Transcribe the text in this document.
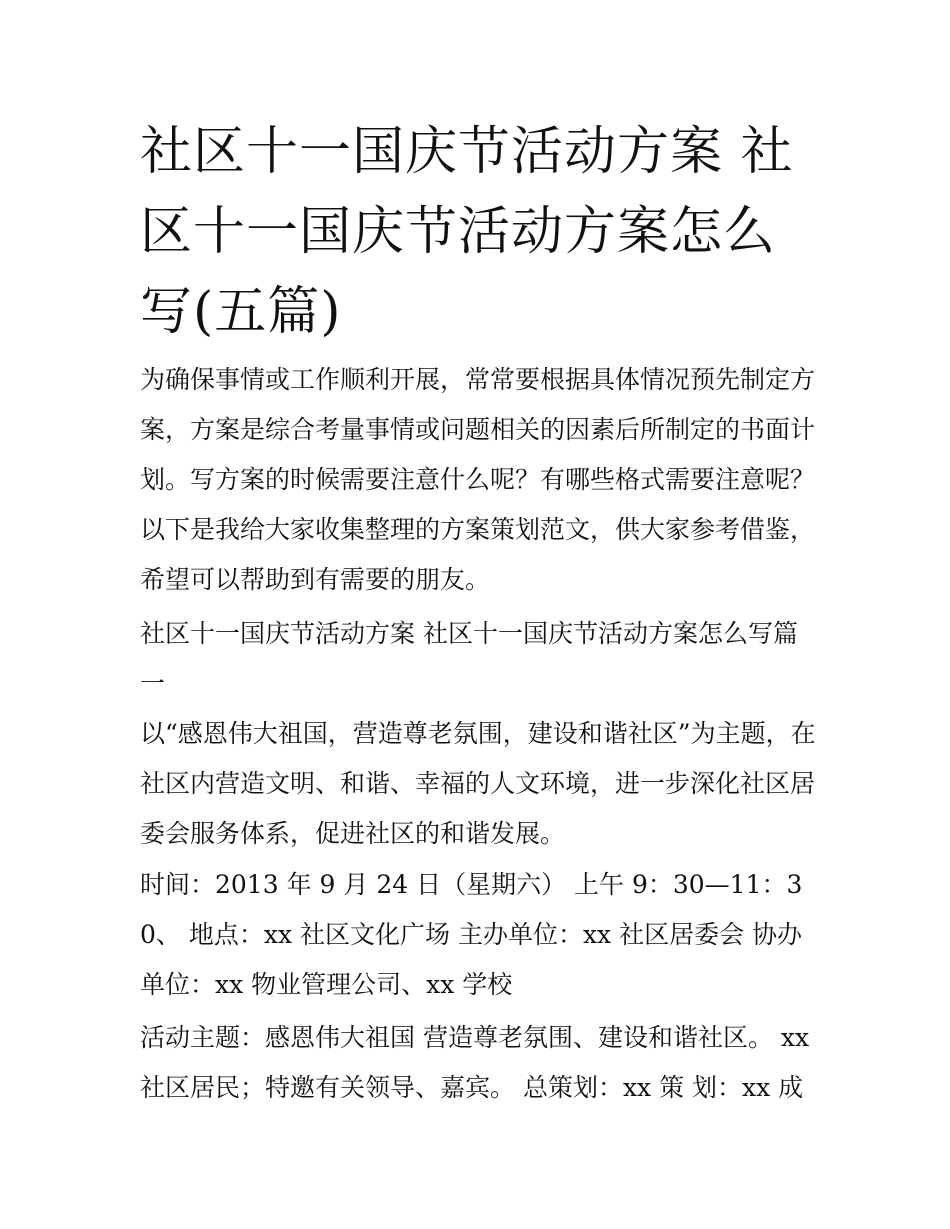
社区十一国庆节活动方案 社区十一国庆节活动方案怎么写(五篇)

为确保事情或工作顺利开展，常常要根据具体情况预先制定方案，方案是综合考量事情或问题相关的因素后所制定的书面计划。写方案的时候需要注意什么呢？有哪些格式需要注意呢？以下是我给大家收集整理的方案策划范文，供大家参考借鉴，希望可以帮助到有需要的朋友。

社区十一国庆节活动方案 社区十一国庆节活动方案怎么写篇一

以“感恩伟大祖国，营造尊老氛围，建设和谐社区”为主题，在社区内营造文明、和谐、幸福的人文环境，进一步深化社区居委会服务体系，促进社区的和谐发展。

时间：2013 年 9 月 24 日（星期六） 上午 9：30—11：30、 地点：xx 社区文化广场 主办单位：xx 社区居委会 协办单位：xx 物业管理公司、xx 学校

活动主题：感恩伟大祖国 营造尊老氛围、建设和谐社区。 xx 社区居民；特邀有关领导、嘉宾。 总策划：xx 策 划：xx 成
